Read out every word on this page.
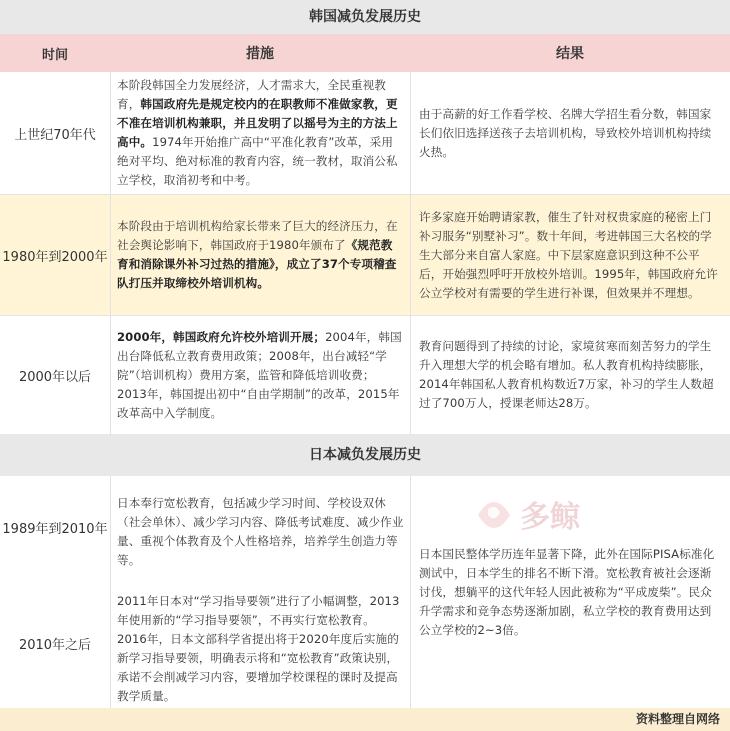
韩国减负发展历史
时间	措施	结果
上世纪70年代
本阶段韩国全力发展经济，人才需求大，全民重视教育，韩国政府先是规定校内的在职教师不准做家教，更不准在培训机构兼职，并且发明了以摇号为主的方法上高中。1974年开始推广高中“平准化教育”改革，采用绝对平均、绝对标准的教育内容，统一教材，取消公私立学校，取消初考和中考。
由于高薪的好工作看学校、名牌大学招生看分数，韩国家长们依旧选择送孩子去培训机构，导致校外培训机构持续火热。
1980年到2000年
本阶段由于培训机构给家长带来了巨大的经济压力，在社会舆论影响下，韩国政府于1980年颁布了《规范教育和消除课外补习过热的措施》，成立了37个专项稽查队打压并取缔校外培训机构。
许多家庭开始聘请家教，催生了针对权贵家庭的秘密上门补习服务“别墅补习”。数十年间，考进韩国三大名校的学生大部分来自富人家庭。中下层家庭意识到这种不公平后，开始强烈呼吁开放校外培训。1995年，韩国政府允许公立学校对有需要的学生进行补课，但效果并不理想。
2000年以后
2000年，韩国政府允许校外培训开展；2004年，韩国出台降低私立教育费用政策；2008年，出台减轻“学院”（培训机构）费用方案，监管和降低培训收费；2013年，韩国提出初中“自由学期制”的改革，2015年改革高中入学制度。
教育问题得到了持续的讨论，家境贫寒而刻苦努力的学生升入理想大学的机会略有增加。私人教育机构持续膨胀，2014年韩国私人教育机构数近7万家，补习的学生人数超过了700万人，授课老师达28万。
日本减负发展历史
1989年到2010年
2010年之后
日本奉行宽松教育，包括减少学习时间、学校设双休（社会单休）、减少学习内容、降低考试难度、减少作业量、重视个体教育及个人性格培养，培养学生创造力等等。
2011年日本对“学习指导要领”进行了小幅调整，2013年使用新的“学习指导要领”，不再实行宽松教育。2016年，日本文部科学省提出将于2020年度后实施的新学习指导要领，明确表示将和“宽松教育”政策诀别，承诺不会削减学习内容，要增加学校课程的课时及提高教学质量。
日本国民整体学历连年显著下降，此外在国际PISA标准化测试中，日本学生的排名不断下滑。宽松教育被社会逐渐讨伐，想躺平的这代年轻人因此被称为“平成废柴”。民众升学需求和竞争态势逐渐加剧，私立学校的教育费用达到公立学校的2~3倍。
多鲸
资料整理自网络
